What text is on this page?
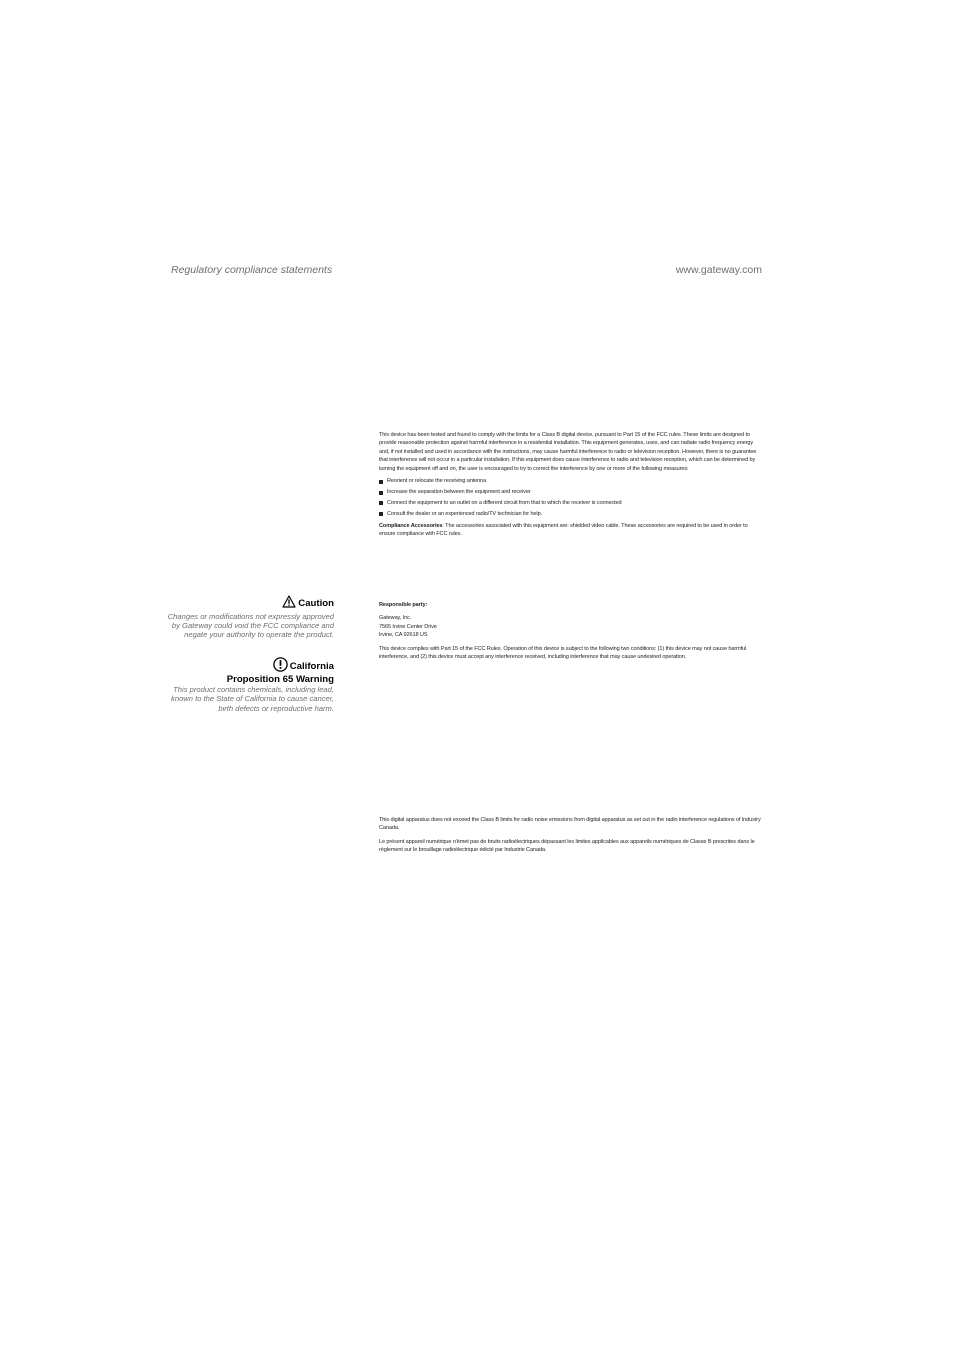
Regulatory compliance statements	www.gateway.com

This device has been tested and found to comply with the limits for a Class B digital device, pursuant to Part 15 of the FCC rules. These limits are designed to provide reasonable protection against harmful interference in a residential installation. This equipment generates, uses, and can radiate radio frequency energy and, if not installed and used in accordance with the instructions, may cause harmful interference to radio or television reception. However, there is no guarantee that interference will not occur in a particular installation. If this equipment does cause interference to radio and television reception, which can be determined by turning the equipment off and on, the user is encouraged to try to correct the interference by one or more of the following measures:

Reorient or relocate the receiving antenna
Increase the separation between the equipment and receiver
Connect the equipment to an outlet on a different circuit from that to which the receiver is connected
Consult the dealer or an experienced radio/TV technician for help.

Compliance Accessories: The accessories associated with this equipment are: shielded video cable. These accessories are required to be used in order to ensure compliance with FCC rules.

Responsible party:

Gateway, Inc.

7565 Irvine Center Drive

Irvine, CA 92618 US

This device complies with Part 15 of the FCC Rules. Operation of this device is subject to the following two conditions: (1) this device may not cause harmful interference, and (2) this device must accept any interference received, including interference that may cause undesired operation.

This digital apparatus does not exceed the Class B limits for radio noise emissions from digital apparatus as set out in the radio interference regulations of Industry Canada.

Le présent appareil numérique n'émet pas de bruits radioélectriques dépassant les limites applicables aux appareils numériques de Classe B prescrites dans le règlement sur le brouillage radioélectrique édicté par Industrie Canada.

Caution
Changes or modifications not expressly approved by Gateway could void the FCC compliance and negate your authority to operate the product.
California
Proposition 65 Warning
This product contains chemicals, including lead, known to the State of California to cause cancer, birth defects or reproductive harm.
